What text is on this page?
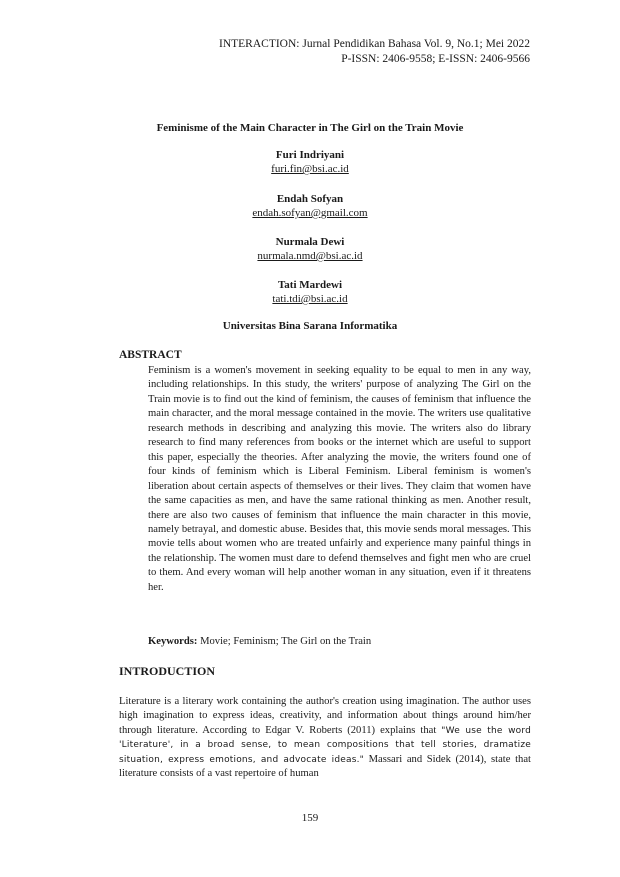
INTERACTION: Jurnal Pendidikan Bahasa Vol. 9, No.1; Mei 2022
P-ISSN: 2406-9558; E-ISSN: 2406-9566
Feminisme of the Main Character in The Girl on the Train Movie
Furi Indriyani
furi.fin@bsi.ac.id
Endah Sofyan
endah.sofyan@gmail.com
Nurmala Dewi
nurmala.nmd@bsi.ac.id
Tati Mardewi
tati.tdi@bsi.ac.id
Universitas Bina Sarana Informatika
ABSTRACT

Feminism is a women's movement in seeking equality to be equal to men in any way, including relationships. In this study, the writers' purpose of analyzing The Girl on the Train movie is to find out the kind of feminism, the causes of feminism that influence the main character, and the moral message contained in the movie. The writers use qualitative research methods in describing and analyzing this movie. The writers also do library research to find many references from books or the internet which are useful to support this paper, especially the theories. After analyzing the movie, the writers found one of four kinds of feminism which is Liberal Feminism. Liberal feminism is women's liberation about certain aspects of themselves or their lives. They claim that women have the same capacities as men, and have the same rational thinking as men. Another result, there are also two causes of feminism that influence the main character in this movie, namely betrayal, and domestic abuse. Besides that, this movie sends moral messages. This movie tells about women who are treated unfairly and experience many painful things in the relationship. The women must dare to defend themselves and fight men who are cruel to them. And every woman will help another woman in any situation, even if it threatens her.

Keywords: Movie; Feminism; The Girl on the Train
INTRODUCTION

Literature is a literary work containing the author's creation using imagination. The author uses high imagination to express ideas, creativity, and information about things around him/her through literature. According to Edgar V. Roberts (2011) explains that "We use the word 'Literature', in a broad sense, to mean compositions that tell stories, dramatize situation, express emotions, and advocate ideas." Massari and Sidek (2014), state that literature consists of a vast repertoire of human

159
